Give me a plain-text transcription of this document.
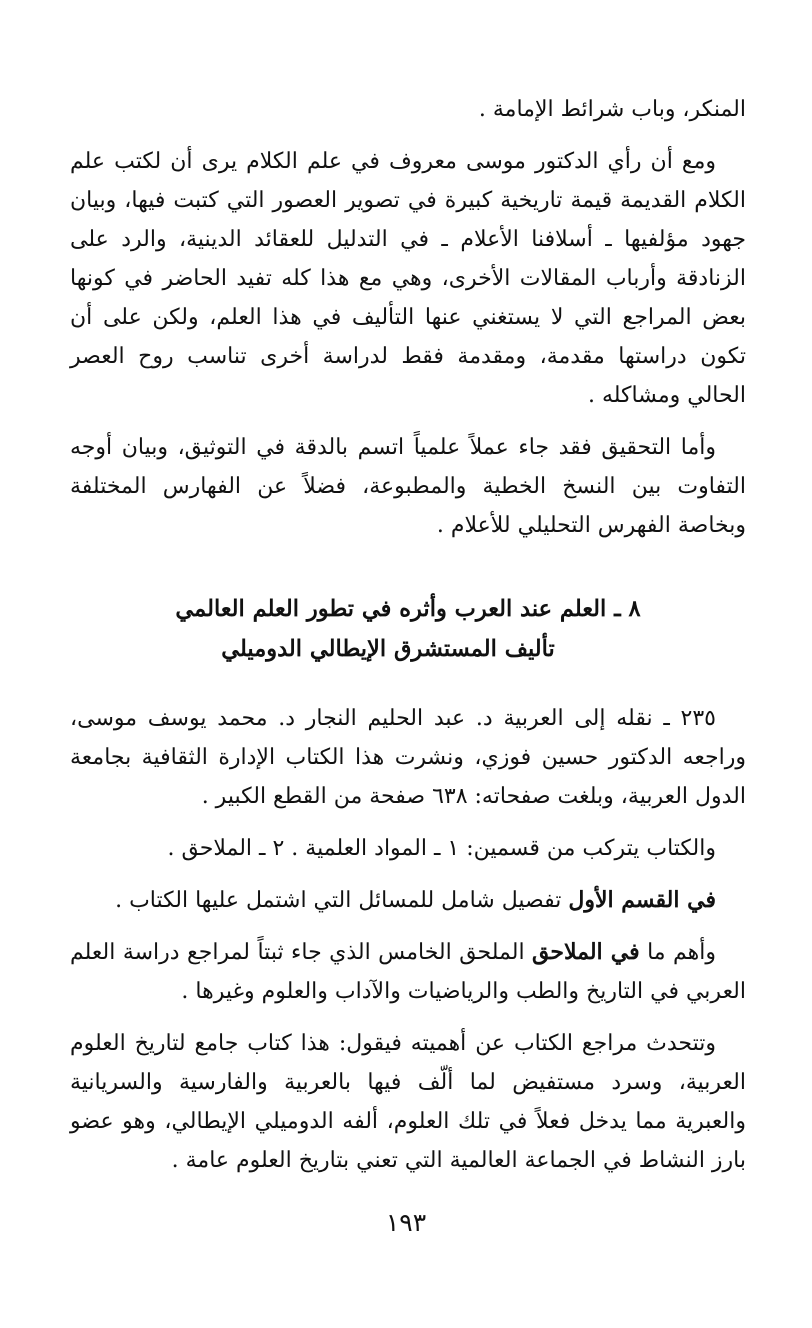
المنكر، وباب شرائط الإمامة .

ومع أن رأي الدكتور موسى معروف في علم الكلام يرى أن لكتب علم الكلام القديمة قيمة تاريخية كبيرة في تصوير العصور التي كتبت فيها، وبيان جهود مؤلفيها ـ أسلافنا الأعلام ـ في التدليل للعقائد الدينية، والرد على الزنادقة وأرباب المقالات الأخرى، وهي مع هذا كله تفيد الحاضر في كونها بعض المراجع التي لا يستغني عنها التأليف في هذا العلم، ولكن على أن تكون دراستها مقدمة، ومقدمة فقط لدراسة أخرى تناسب روح العصر الحالي ومشاكله .

وأما التحقيق فقد جاء عملاً علمياً اتسم بالدقة في التوثيق، وبيان أوجه التفاوت بين النسخ الخطية والمطبوعة، فضلاً عن الفهارس المختلفة وبخاصة الفهرس التحليلي للأعلام .

٨ ـ العلم عند العرب وأثره في تطور العلم العالمي
تأليف المستشرق الإيطالي الدوميلي

٢٣٥ ـ نقله إلى العربية د. عبد الحليم النجار د. محمد يوسف موسى، وراجعه الدكتور حسين فوزي، ونشرت هذا الكتاب الإدارة الثقافية بجامعة الدول العربية، وبلغت صفحاته: ٦٣٨ صفحة من القطع الكبير .

والكتاب يتركب من قسمين: ١ ـ المواد العلمية . ٢ ـ الملاحق .

في القسم الأول تفصيل شامل للمسائل التي اشتمل عليها الكتاب .

وأهم ما في الملاحق الملحق الخامس الذي جاء ثبتاً لمراجع دراسة العلم العربي في التاريخ والطب والرياضيات والآداب والعلوم وغيرها .

وتتحدث مراجع الكتاب عن أهميته فيقول: هذا كتاب جامع لتاريخ العلوم العربية، وسرد مستفيض لما ألّف فيها بالعربية والفارسية والسريانية والعبرية مما يدخل فعلاً في تلك العلوم، ألفه الدوميلي الإيطالي، وهو عضو بارز النشاط في الجماعة العالمية التي تعني بتاريخ العلوم عامة .

١٩٣
